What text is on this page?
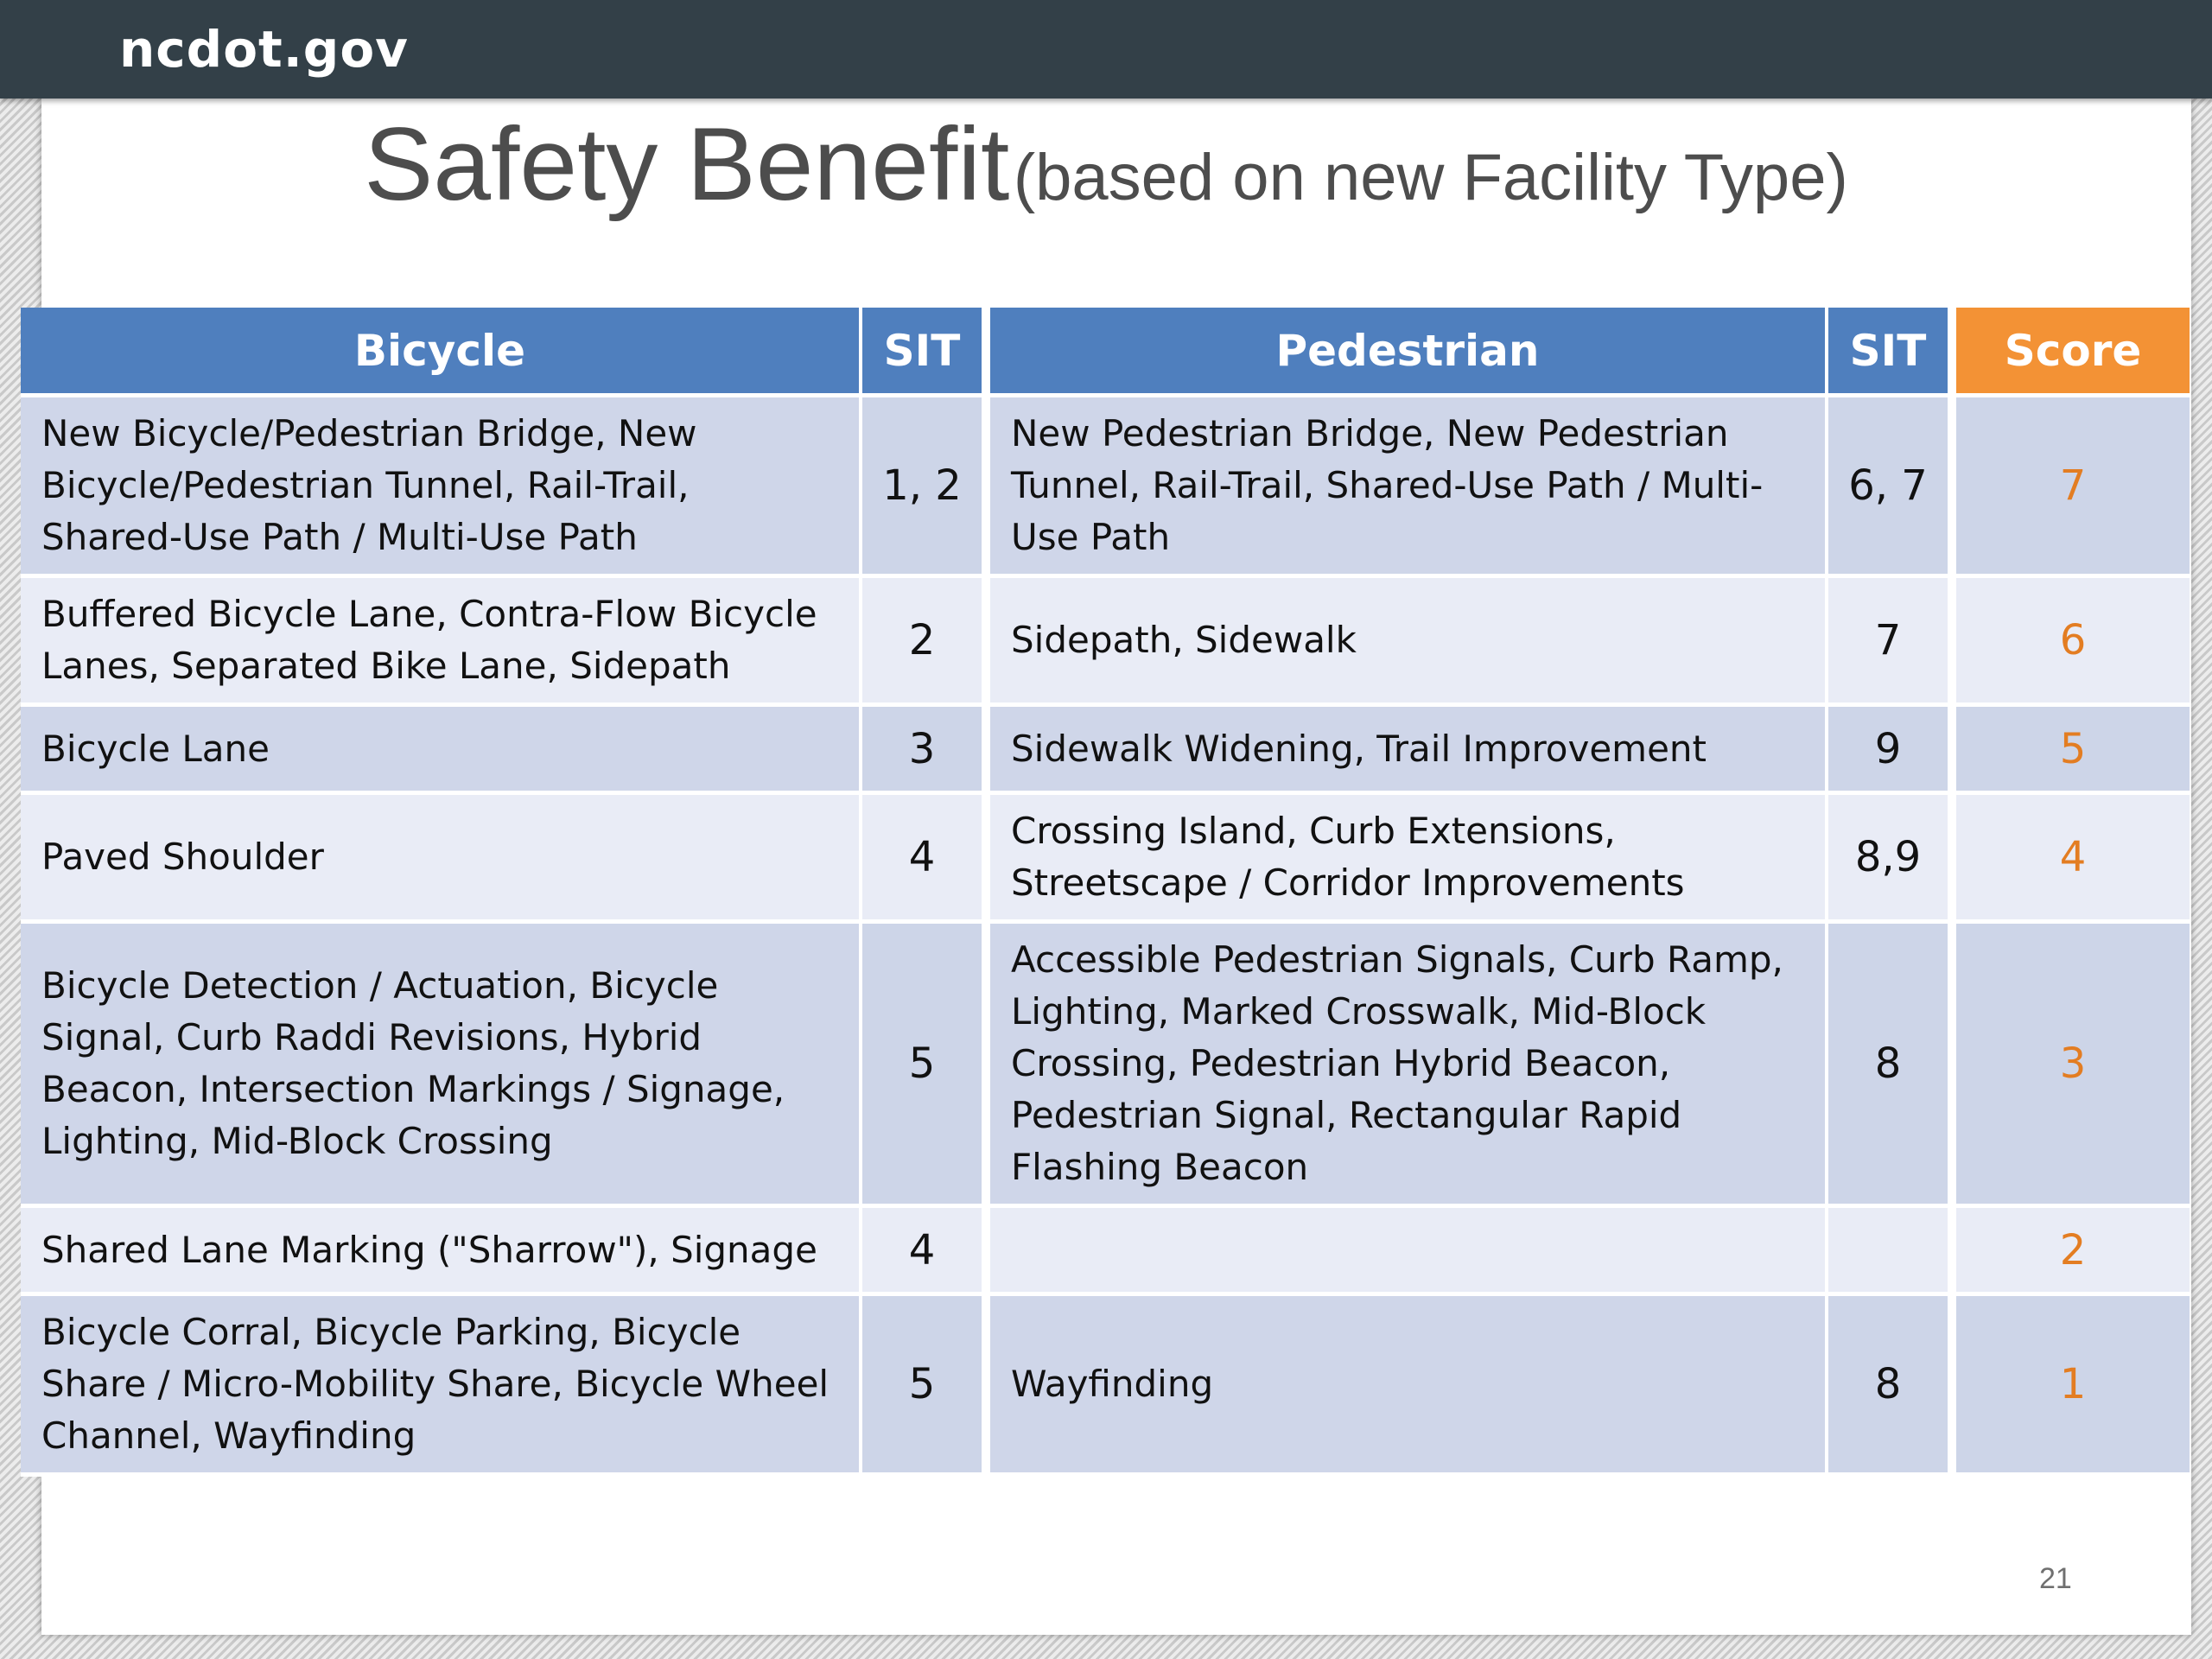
ncdot.gov
Safety Benefit (based on new Facility Type)
Bicycle	SIT	Pedestrian	SIT	Score
New Bicycle/Pedestrian Bridge, New Bicycle/Pedestrian Tunnel, Rail-Trail, Shared-Use Path / Multi-Use Path	1, 2	New Pedestrian Bridge, New Pedestrian Tunnel, Rail-Trail, Shared-Use Path / Multi-Use Path	6, 7	7
Buffered Bicycle Lane, Contra-Flow Bicycle Lanes, Separated Bike Lane, Sidepath	2	Sidepath, Sidewalk	7	6
Bicycle Lane	3	Sidewalk Widening, Trail Improvement	9	5
Paved Shoulder	4	Crossing Island, Curb Extensions, Streetscape / Corridor Improvements	8,9	4
Bicycle Detection / Actuation, Bicycle Signal, Curb Raddi Revisions, Hybrid Beacon, Intersection Markings / Signage, Lighting, Mid-Block Crossing	5	Accessible Pedestrian Signals, Curb Ramp, Lighting, Marked Crosswalk, Mid-Block Crossing, Pedestrian Hybrid Beacon, Pedestrian Signal, Rectangular Rapid Flashing Beacon	8	3
Shared Lane Marking ("Sharrow"), Signage	4			2
Bicycle Corral, Bicycle Parking, Bicycle Share / Micro-Mobility Share, Bicycle Wheel Channel, Wayfinding	5	Wayfinding	8	1
21
